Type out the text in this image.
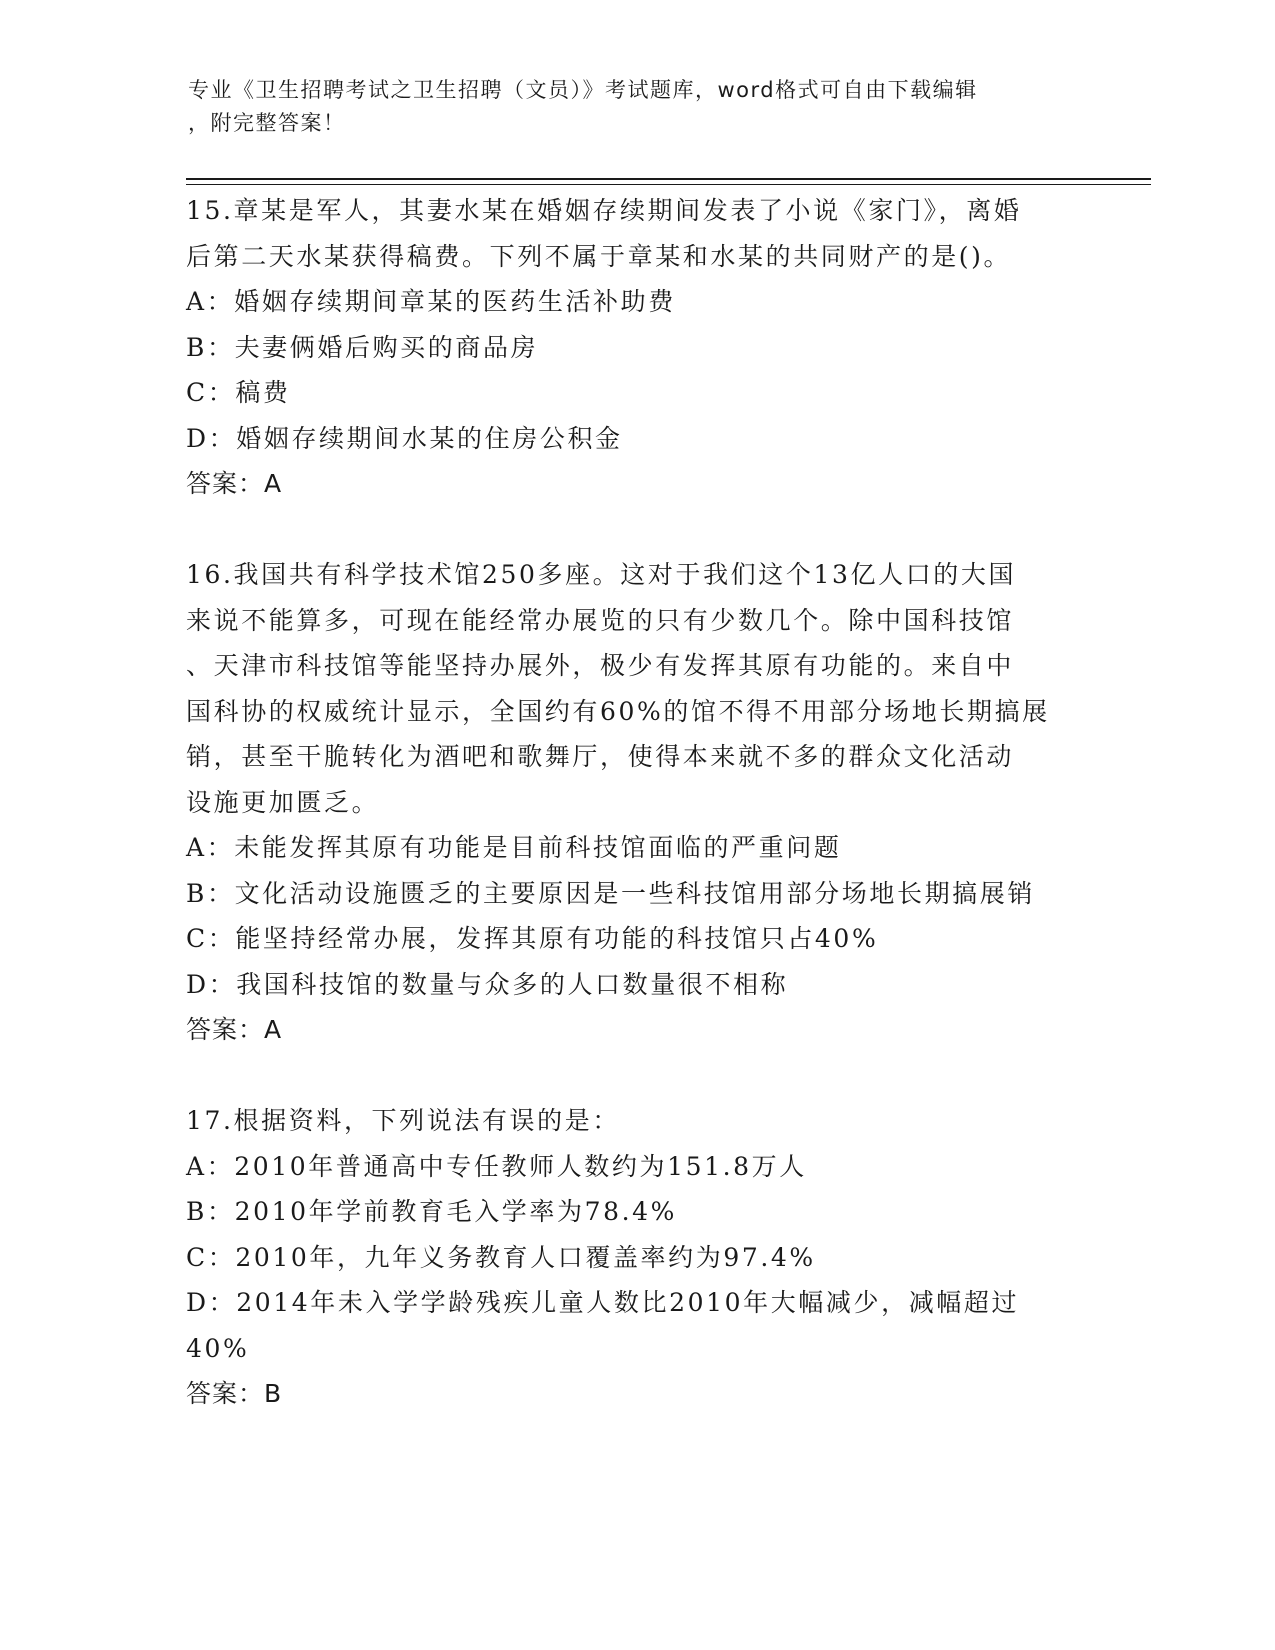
专业《卫生招聘考试之卫生招聘（文员）》考试题库，word格式可自由下载编辑
，附完整答案！
15.章某是军人，其妻水某在婚姻存续期间发表了小说《家门》，离婚
后第二天水某获得稿费。下列不属于章某和水某的共同财产的是()。
A：婚姻存续期间章某的医药生活补助费
B：夫妻俩婚后购买的商品房
C：稿费
D：婚姻存续期间水某的住房公积金
答案：A
16.我国共有科学技术馆250多座。这对于我们这个13亿人口的大国
来说不能算多，可现在能经常办展览的只有少数几个。除中国科技馆
、天津市科技馆等能坚持办展外，极少有发挥其原有功能的。来自中
国科协的权威统计显示，全国约有60%的馆不得不用部分场地长期搞展
销，甚至干脆转化为酒吧和歌舞厅，使得本来就不多的群众文化活动
设施更加匮乏。
A：未能发挥其原有功能是目前科技馆面临的严重问题
B：文化活动设施匮乏的主要原因是一些科技馆用部分场地长期搞展销
C：能坚持经常办展，发挥其原有功能的科技馆只占40%
D：我国科技馆的数量与众多的人口数量很不相称
答案：A
17.根据资料，下列说法有误的是：
A：2010年普通高中专任教师人数约为151.8万人
B：2010年学前教育毛入学率为78.4%
C：2010年，九年义务教育人口覆盖率约为97.4%
D：2014年未入学学龄残疾儿童人数比2010年大幅减少，减幅超过
40%
答案：B
